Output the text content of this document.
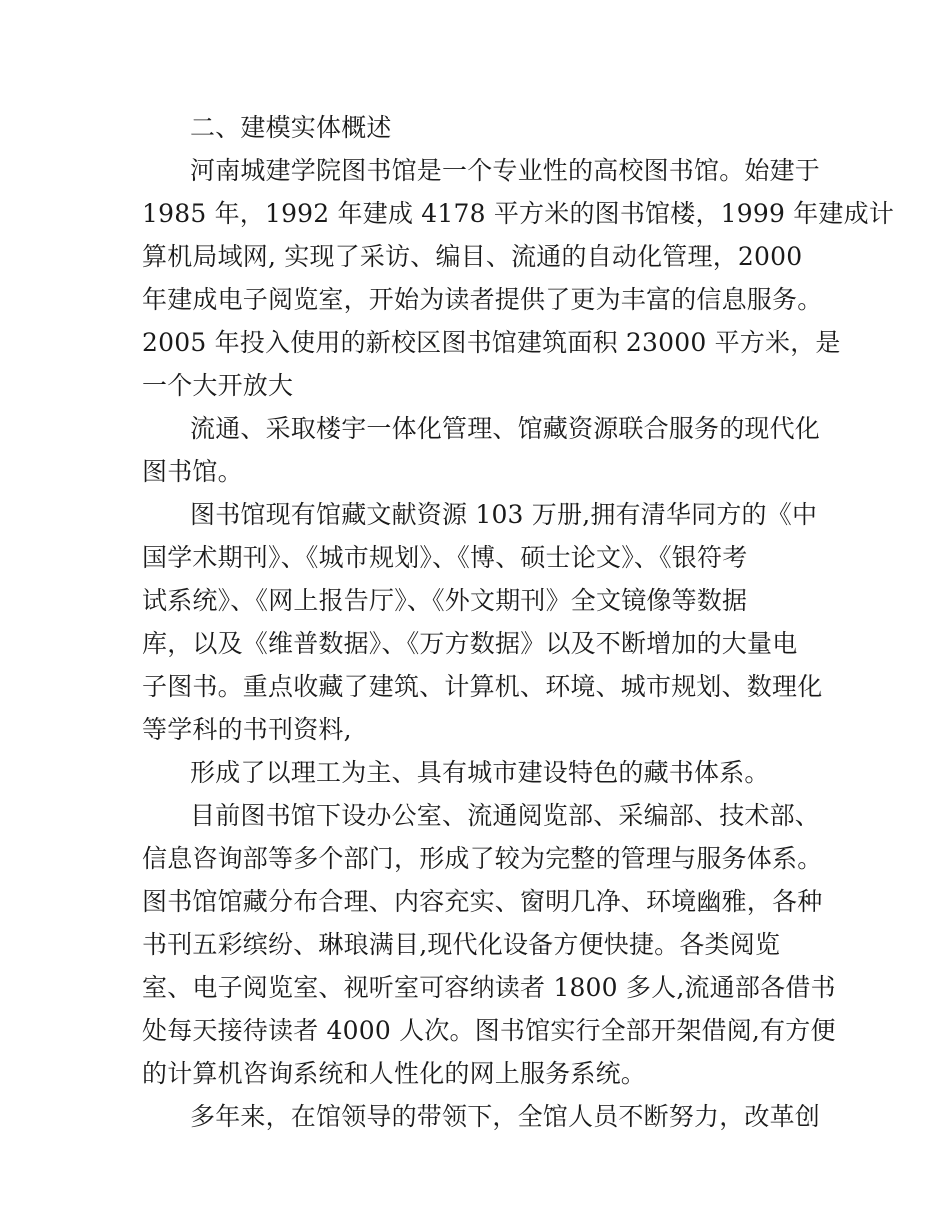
二、建模实体概述
河南城建学院图书馆是一个专业性的高校图书馆。始建于
1985 年，1992 年建成 4178 平方米的图书馆楼，1999 年建成计
算机局域网, 实现了采访、编目、流通的自动化管理，2000
年建成电子阅览室，开始为读者提供了更为丰富的信息服务。
2005 年投入使用的新校区图书馆建筑面积 23000 平方米，是
一个大开放大
流通、采取楼宇一体化管理、馆藏资源联合服务的现代化
图书馆。
图书馆现有馆藏文献资源 103 万册,拥有清华同方的《中
国学术期刊》、《城市规划》、《博、硕士论文》、《银符考
试系统》、《网上报告厅》、《外文期刊》全文镜像等数据
库，以及《维普数据》、《万方数据》以及不断增加的大量电
子图书。重点收藏了建筑、计算机、环境、城市规划、数理化
等学科的书刊资料,
形成了以理工为主、具有城市建设特色的藏书体系。
目前图书馆下设办公室、流通阅览部、采编部、技术部、
信息咨询部等多个部门，形成了较为完整的管理与服务体系。
图书馆馆藏分布合理、内容充实、窗明几净、环境幽雅，各种
书刊五彩缤纷、琳琅满目,现代化设备方便快捷。各类阅览
室、电子阅览室、视听室可容纳读者 1800 多人,流通部各借书
处每天接待读者 4000 人次。图书馆实行全部开架借阅,有方便
的计算机咨询系统和人性化的网上服务系统。
多年来，在馆领导的带领下，全馆人员不断努力，改革创
